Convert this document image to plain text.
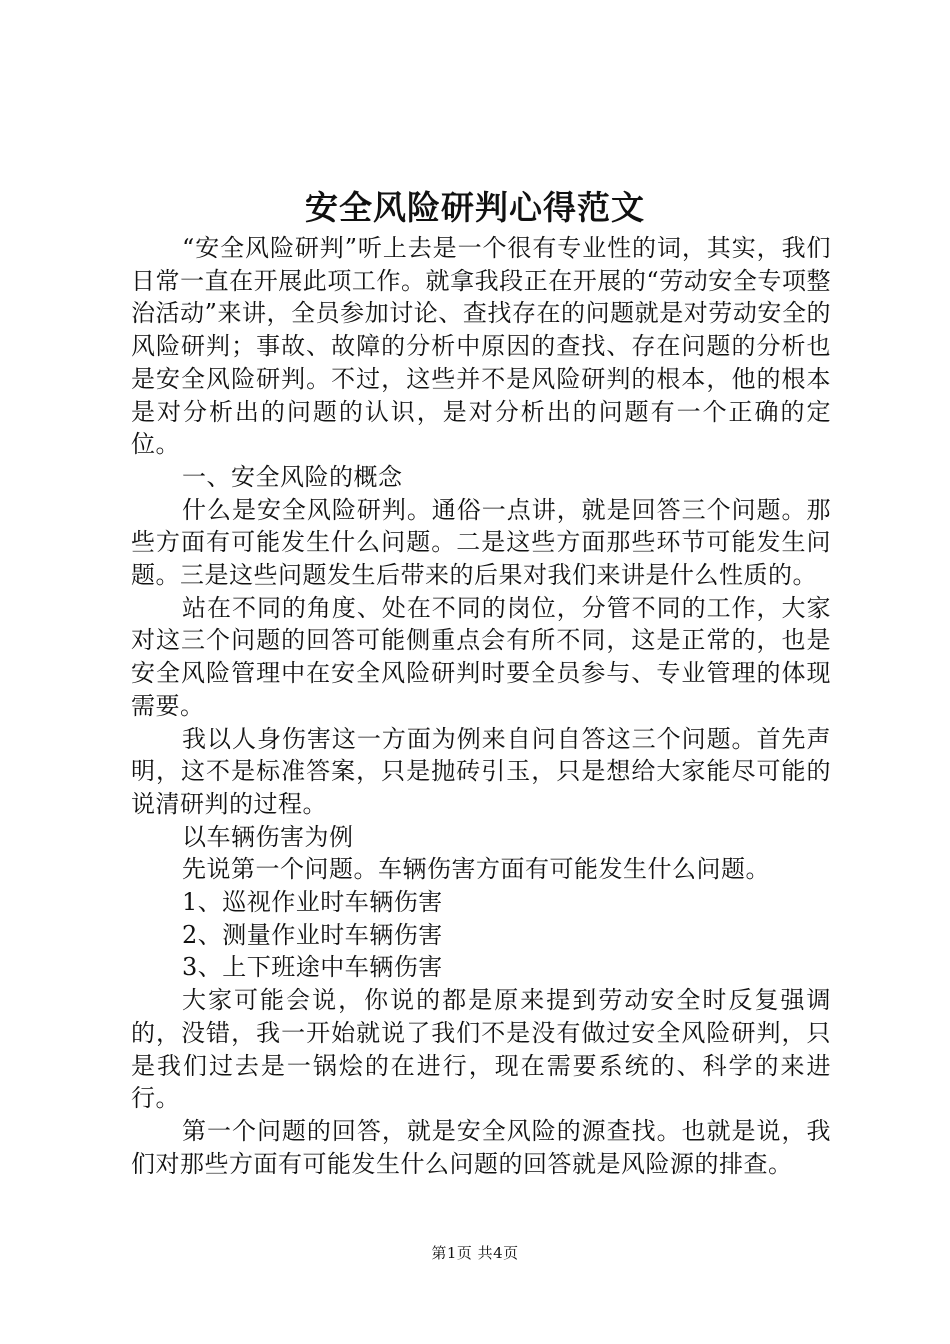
安全风险研判心得范文

“安全风险研判”听上去是一个很有专业性的词，其实，我们日常一直在开展此项工作。就拿我段正在开展的“劳动安全专项整治活动”来讲，全员参加讨论、查找存在的问题就是对劳动安全的风险研判；事故、故障的分析中原因的查找、存在问题的分析也是安全风险研判。不过，这些并不是风险研判的根本，他的根本是对分析出的问题的认识，是对分析出的问题有一个正确的定位。

一、安全风险的概念

什么是安全风险研判。通俗一点讲，就是回答三个问题。那些方面有可能发生什么问题。二是这些方面那些环节可能发生问题。三是这些问题发生后带来的后果对我们来讲是什么性质的。

站在不同的角度、处在不同的岗位，分管不同的工作，大家对这三个问题的回答可能侧重点会有所不同，这是正常的，也是安全风险管理中在安全风险研判时要全员参与、专业管理的体现需要。

我以人身伤害这一方面为例来自问自答这三个问题。首先声明，这不是标准答案，只是抛砖引玉，只是想给大家能尽可能的说清研判的过程。

以车辆伤害为例

先说第一个问题。车辆伤害方面有可能发生什么问题。

1、巡视作业时车辆伤害

2、测量作业时车辆伤害

3、上下班途中车辆伤害

大家可能会说，你说的都是原来提到劳动安全时反复强调的，没错，我一开始就说了我们不是没有做过安全风险研判，只是我们过去是一锅烩的在进行，现在需要系统的、科学的来进行。

第一个问题的回答，就是安全风险的源查找。也就是说，我们对那些方面有可能发生什么问题的回答就是风险源的排查。

第1页 共4页
